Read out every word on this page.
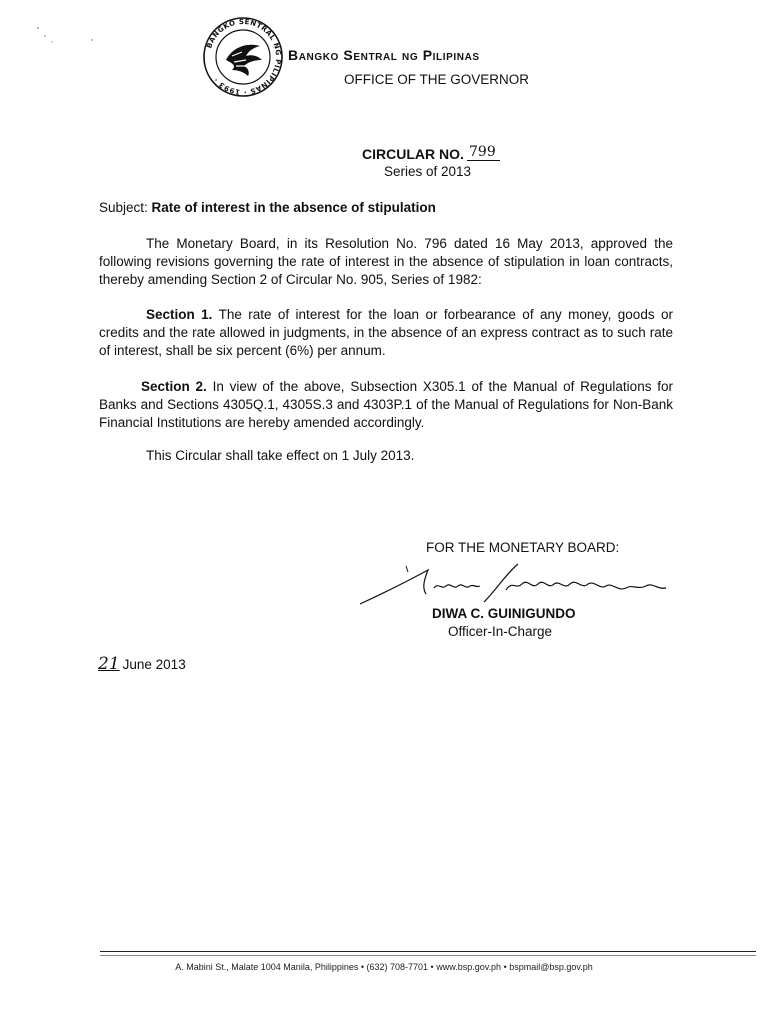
BANGKO SENTRAL NG PILIPINAS · 1993 ·
Bangko Sentral ng Pilipinas
OFFICE OF THE GOVERNOR
CIRCULAR NO. 799
Series of 2013
Subject: Rate of interest in the absence of stipulation
The Monetary Board, in its Resolution No. 796 dated 16 May 2013, approved the following revisions governing the rate of interest in the absence of stipulation in loan contracts, thereby amending Section 2 of Circular No. 905, Series of 1982:
Section 1. The rate of interest for the loan or forbearance of any money, goods or credits and the rate allowed in judgments, in the absence of an express contract as to such rate of interest, shall be six percent (6%) per annum.
Section 2. In view of the above, Subsection X305.1 of the Manual of Regulations for Banks and Sections 4305Q.1, 4305S.3 and 4303P.1 of the Manual of Regulations for Non-Bank Financial Institutions are hereby amended accordingly.
This Circular shall take effect on 1 July 2013.
FOR THE MONETARY BOARD:
DIWA C. GUINIGUNDO
Officer-In-Charge
21 June 2013
A. Mabini St., Malate 1004 Manila, Philippines • (632) 708-7701 • www.bsp.gov.ph • bspmail@bsp.gov.ph
